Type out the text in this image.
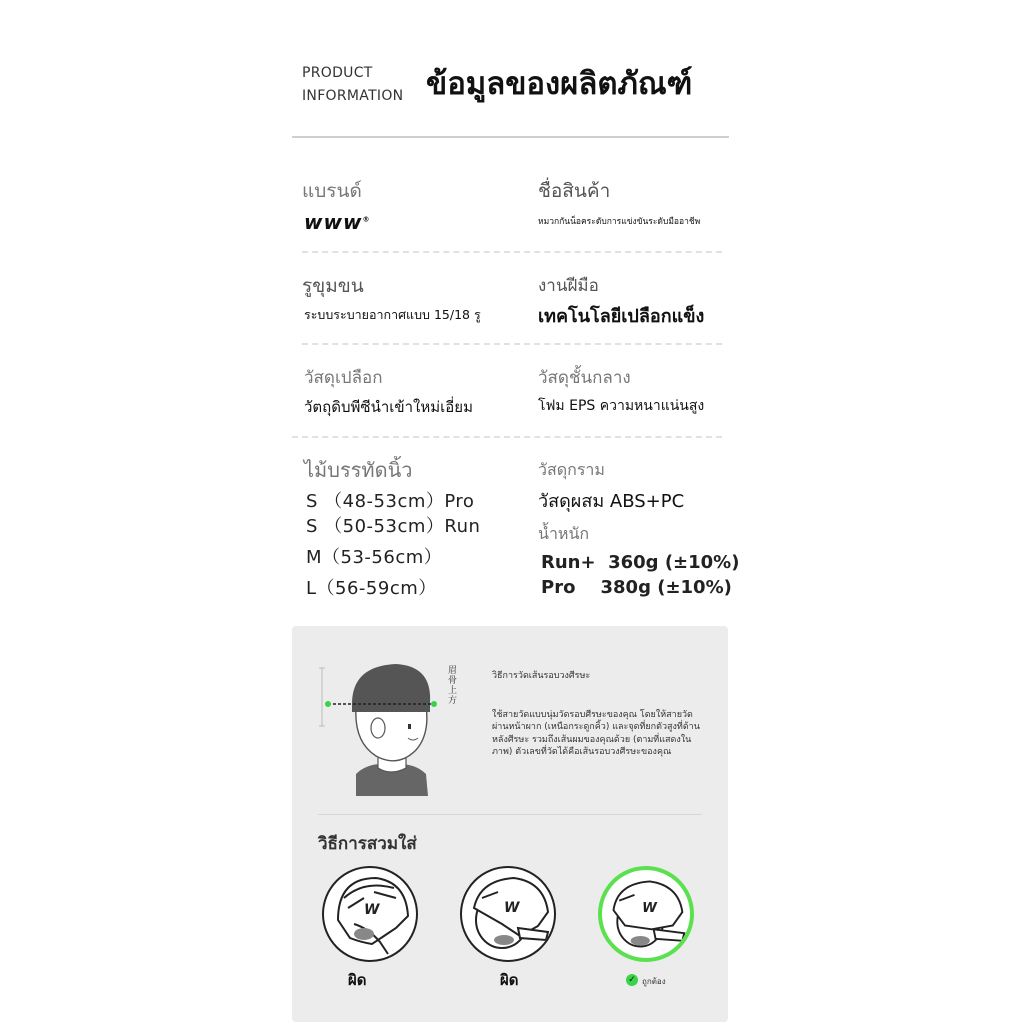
PRODUCT
INFORMATION ข้อมูลของผลิตภัณฑ์
แบรนด์
www®
ชื่อสินค้า
หมวกกันน็อคระดับการแข่งขันระดับมืออาชีพ
รูขุมขน
ระบบระบายอากาศแบบ 15/18 รู
งานฝีมือ
เทคโนโลยีเปลือกแข็ง
วัสดุเปลือก
วัตถุดิบพีซีนำเข้าใหม่เอี่ยม
วัสดุชั้นกลาง
โฟม EPS ความหนาแน่นสูง
ไม้บรรทัดนิ้ว
S （48-53cm）Pro
S （50-53cm）Run
M（53-56cm）
L（56-59cm）
วัสดุกราม
วัสดุผสม ABS+PC
น้ำหนัก
Run+  360g (±10%)
Pro    380g (±10%)
眉骨上方
วิธีการวัดเส้นรอบวงศีรษะ
ใช้สายวัดแบบนุ่มวัดรอบศีรษะของคุณ โดยให้สายวัดผ่านหน้าผาก (เหนือกระดูกคิ้ว) และจุดที่ยกตัวสูงที่ด้านหลังศีรษะ รวมถึงเส้นผมของคุณด้วย (ตามที่แสดงในภาพ) ตัวเลขที่วัดได้คือเส้นรอบวงศีรษะของคุณ
วิธีการสวมใส่
W
ผิด
W
ผิด
W
✓ ถูกต้อง
